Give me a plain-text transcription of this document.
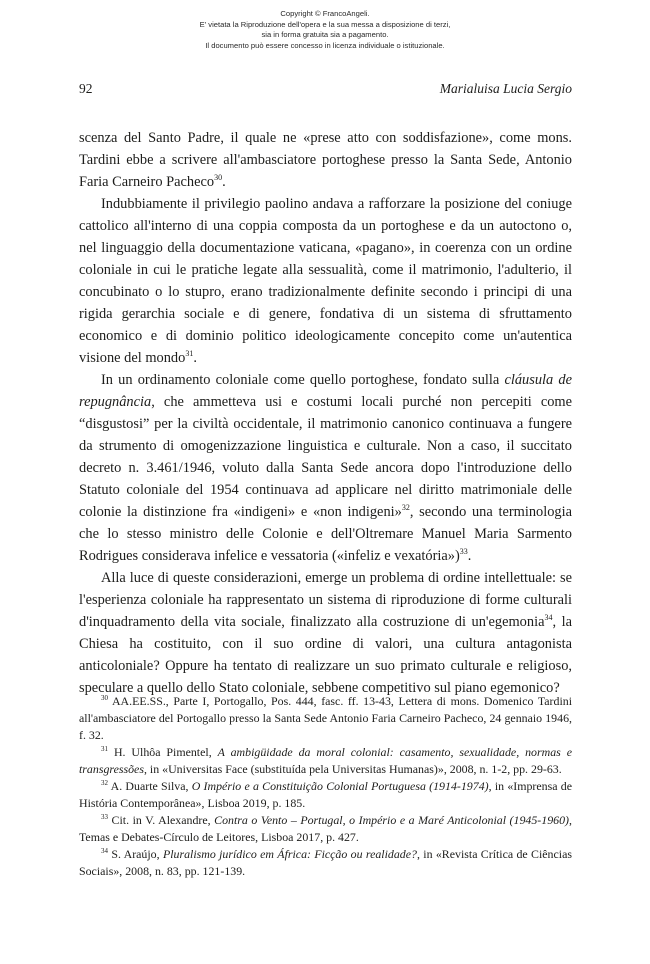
Copyright © FrancoAngeli.
E' vietata la Riproduzione dell'opera e la sua messa a disposizione di terzi,
sia in forma gratuita sia a pagamento.
Il documento può essere concesso in licenza individuale o istituzionale.
92	Marialuisa Lucia Sergio

scenza del Santo Padre, il quale ne «prese atto con soddisfazione», come mons. Tardini ebbe a scrivere all'ambasciatore portoghese presso la Santa Sede, Antonio Faria Carneiro Pacheco$^{30}$.

Indubbiamente il privilegio paolino andava a rafforzare la posizione del coniuge cattolico all'interno di una coppia composta da un portoghese e da un autoctono o, nel linguaggio della documentazione vaticana, «pagano», in coerenza con un ordine coloniale in cui le pratiche legate alla sessualità, come il matrimonio, l'adulterio, il concubinato o lo stupro, erano tradizionalmente definite secondo i principi di una rigida gerarchia sociale e di genere, fondativa di un sistema di sfruttamento economico e di dominio politico ideologicamente concepito come un'autentica visione del mondo$^{31}$.

In un ordinamento coloniale come quello portoghese, fondato sulla cláusula de repugnância, che ammetteva usi e costumi locali purché non percepiti come “disgustosi” per la civiltà occidentale, il matrimonio canonico continuava a fungere da strumento di omogenizzazione linguistica e culturale. Non a caso, il succitato decreto n. 3.461/1946, voluto dalla Santa Sede ancora dopo l'introduzione dello Statuto coloniale del 1954 continuava ad applicare nel diritto matrimoniale delle colonie la distinzione fra «indigeni» e «non indigeni»$^{32}$, secondo una terminologia che lo stesso ministro delle Colonie e dell'Oltremare Manuel Maria Sarmento Rodrigues considerava infelice e vessatoria («infeliz e vexatória»)$^{33}$.

Alla luce di queste considerazioni, emerge un problema di ordine intellettuale: se l'esperienza coloniale ha rappresentato un sistema di riproduzione di forme culturali d'inquadramento della vita sociale, finalizzato alla costruzione di un'egemonia$^{34}$, la Chiesa ha costituito, con il suo ordine di valori, una cultura antagonista anticoloniale? Oppure ha tentato di realizzare un suo primato culturale e religioso, speculare a quello dello Stato coloniale, sebbene competitivo sul piano egemonico?

$^{30}$ AA.EE.SS., Parte I, Portogallo, Pos. 444, fasc. ff. 13-43, Lettera di mons. Domenico Tardini all'ambasciatore del Portogallo presso la Santa Sede Antonio Faria Carneiro Pacheco, 24 gennaio 1946, f. 32.

$^{31}$ H. Ulhôa Pimentel, A ambigüidade da moral colonial: casamento, sexualidade, normas e transgressões, in «Universitas Face (substituída pela Universitas Humanas)», 2008, n. 1-2, pp. 29-63.

$^{32}$ A. Duarte Silva, O Império e a Constituição Colonial Portuguesa (1914-1974), in «Imprensa de História Contemporânea», Lisboa 2019, p. 185.

$^{33}$ Cit. in V. Alexandre, Contra o Vento – Portugal, o Império e a Maré Anticolonial (1945-1960), Temas e Debates-Círculo de Leitores, Lisboa 2017, p. 427.

$^{34}$ S. Araújo, Pluralismo jurídico em África: Ficção ou realidade?, in «Revista Crítica de Ciências Sociais», 2008, n. 83, pp. 121-139.
